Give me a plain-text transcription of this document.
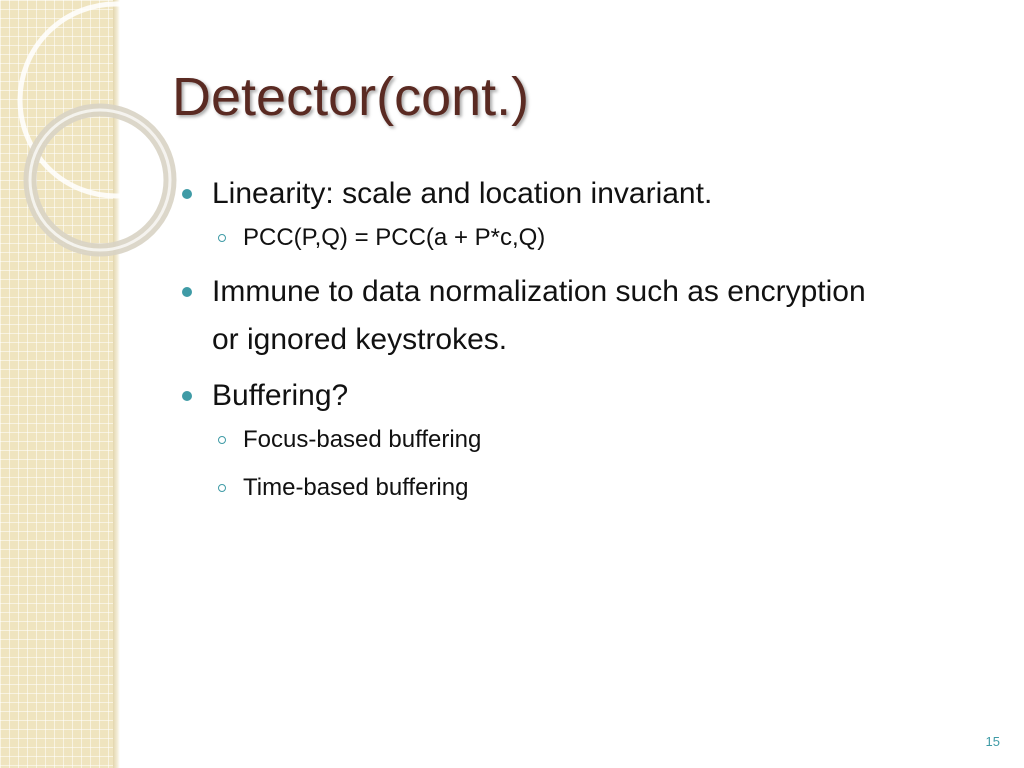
Detector(cont.)
Linearity: scale and location invariant.
PCC(P,Q) = PCC(a + P*c,Q)
Immune to data normalization such as encryption or ignored keystrokes.
Buffering?
Focus-based buffering
Time-based buffering
15
